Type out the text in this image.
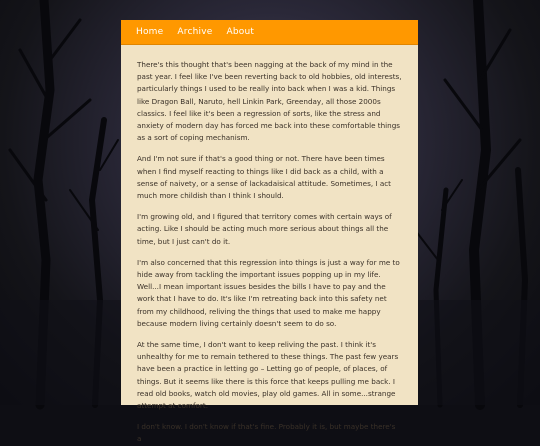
Home Archive About

There's this thought that's been nagging at the back of my mind in the past year. I feel like I've been reverting back to old hobbies, old interests, particularly things I used to be really into back when I was a kid. Things like Dragon Ball, Naruto, hell Linkin Park, Greenday, all those 2000s classics. I feel like it's been a regression of sorts, like the stress and anxiety of modern day has forced me back into these comfortable things as a sort of coping mechanism.

And I'm not sure if that's a good thing or not. There have been times when I find myself reacting to things like I did back as a child, with a sense of naivety, or a sense of lackadaisical attitude. Sometimes, I act much more childish than I think I should.

I'm growing old, and I figured that territory comes with certain ways of acting. Like I should be acting much more serious about things all the time, but I just can't do it.

I'm also concerned that this regression into things is just a way for me to hide away from tackling the important issues popping up in my life. Well...I mean important issues besides the bills I have to pay and the work that I have to do. It's like I'm retreating back into this safety net from my childhood, reliving the things that used to make me happy because modern living certainly doesn't seem to do so.

At the same time, I don't want to keep reliving the past. I think it's unhealthy for me to remain tethered to these things. The past few years have been a practice in letting go – Letting go of people, of places, of things. But it seems like there is this force that keeps pulling me back. I read old books, watch old movies, play old games. All in some...strange attempt at comfort.

I don't know. I don't know if that's fine. Probably it is, but maybe there's a
